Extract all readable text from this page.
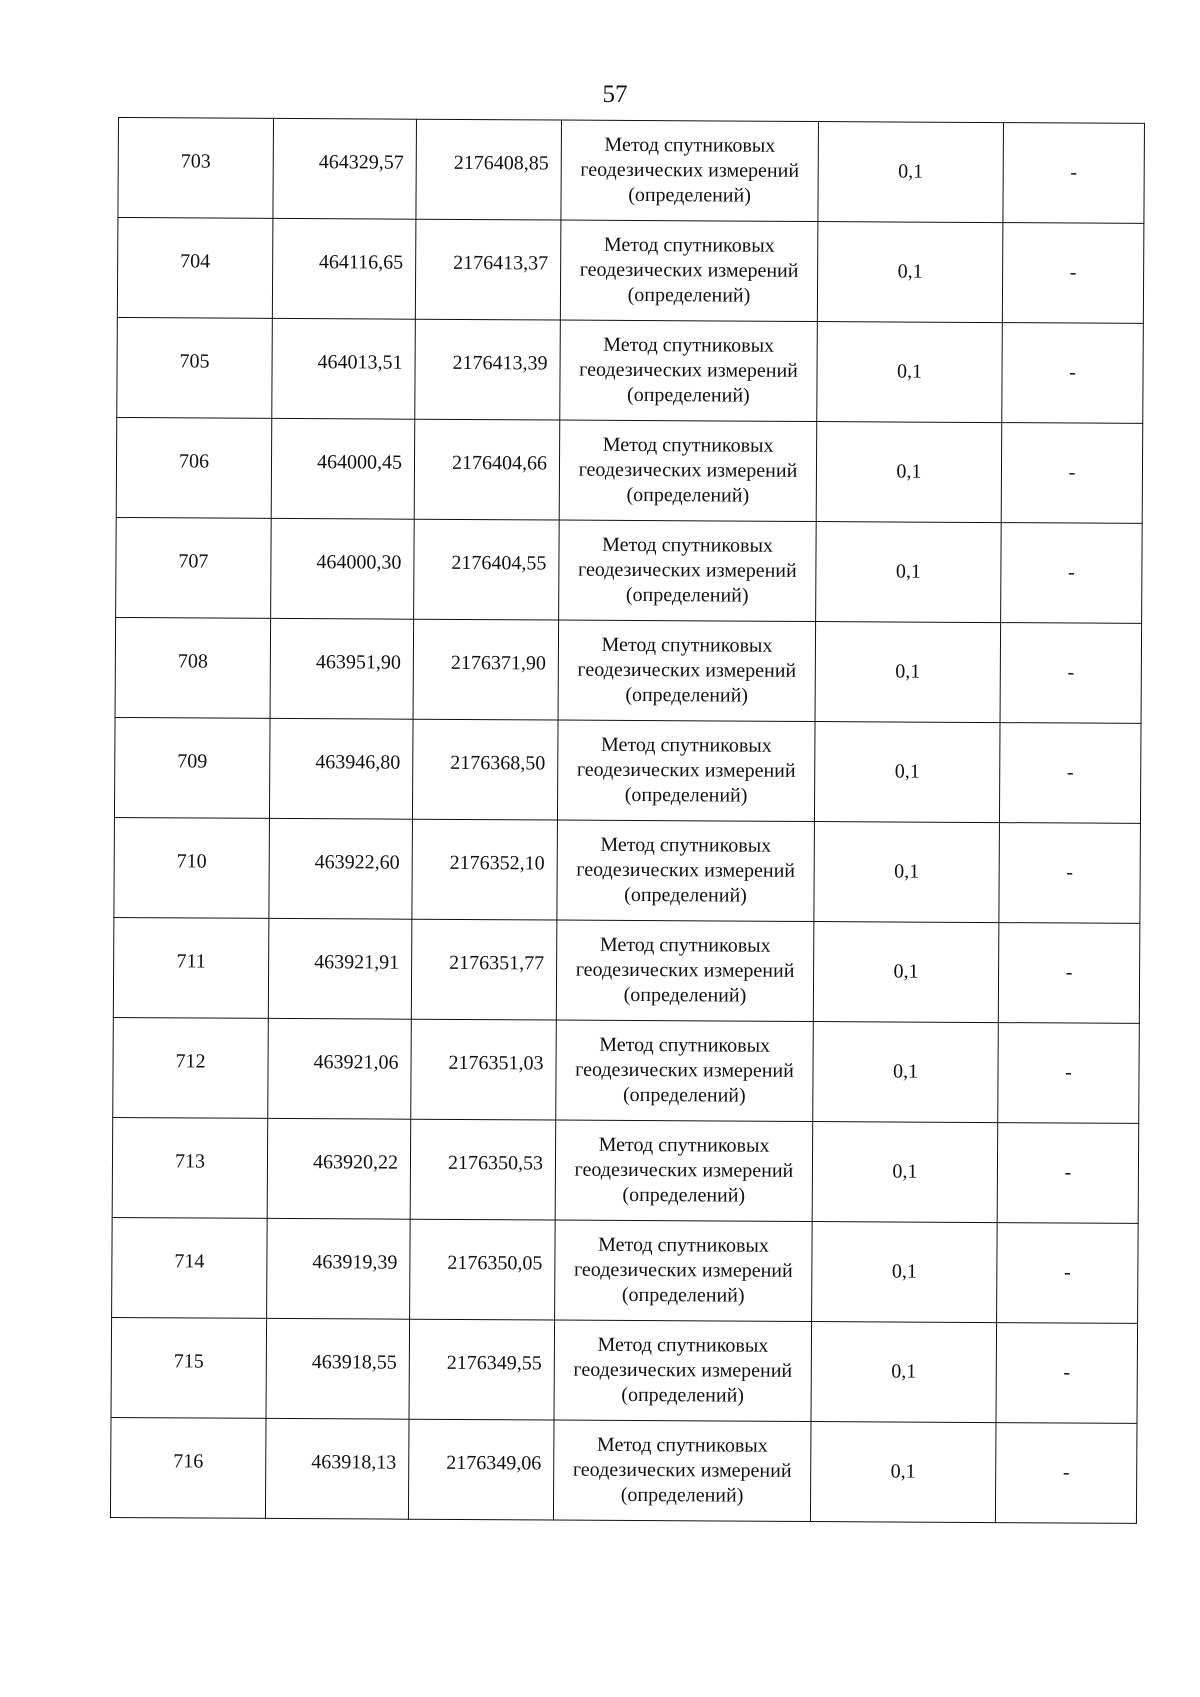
57
703	464329,57	2176408,85	Метод спутниковых геодезических измерений (определений)	0,1	-
704	464116,65	2176413,37	Метод спутниковых геодезических измерений (определений)	0,1	-
705	464013,51	2176413,39	Метод спутниковых геодезических измерений (определений)	0,1	-
706	464000,45	2176404,66	Метод спутниковых геодезических измерений (определений)	0,1	-
707	464000,30	2176404,55	Метод спутниковых геодезических измерений (определений)	0,1	-
708	463951,90	2176371,90	Метод спутниковых геодезических измерений (определений)	0,1	-
709	463946,80	2176368,50	Метод спутниковых геодезических измерений (определений)	0,1	-
710	463922,60	2176352,10	Метод спутниковых геодезических измерений (определений)	0,1	-
711	463921,91	2176351,77	Метод спутниковых геодезических измерений (определений)	0,1	-
712	463921,06	2176351,03	Метод спутниковых геодезических измерений (определений)	0,1	-
713	463920,22	2176350,53	Метод спутниковых геодезических измерений (определений)	0,1	-
714	463919,39	2176350,05	Метод спутниковых геодезических измерений (определений)	0,1	-
715	463918,55	2176349,55	Метод спутниковых геодезических измерений (определений)	0,1	-
716	463918,13	2176349,06	Метод спутниковых геодезических измерений (определений)	0,1	-
